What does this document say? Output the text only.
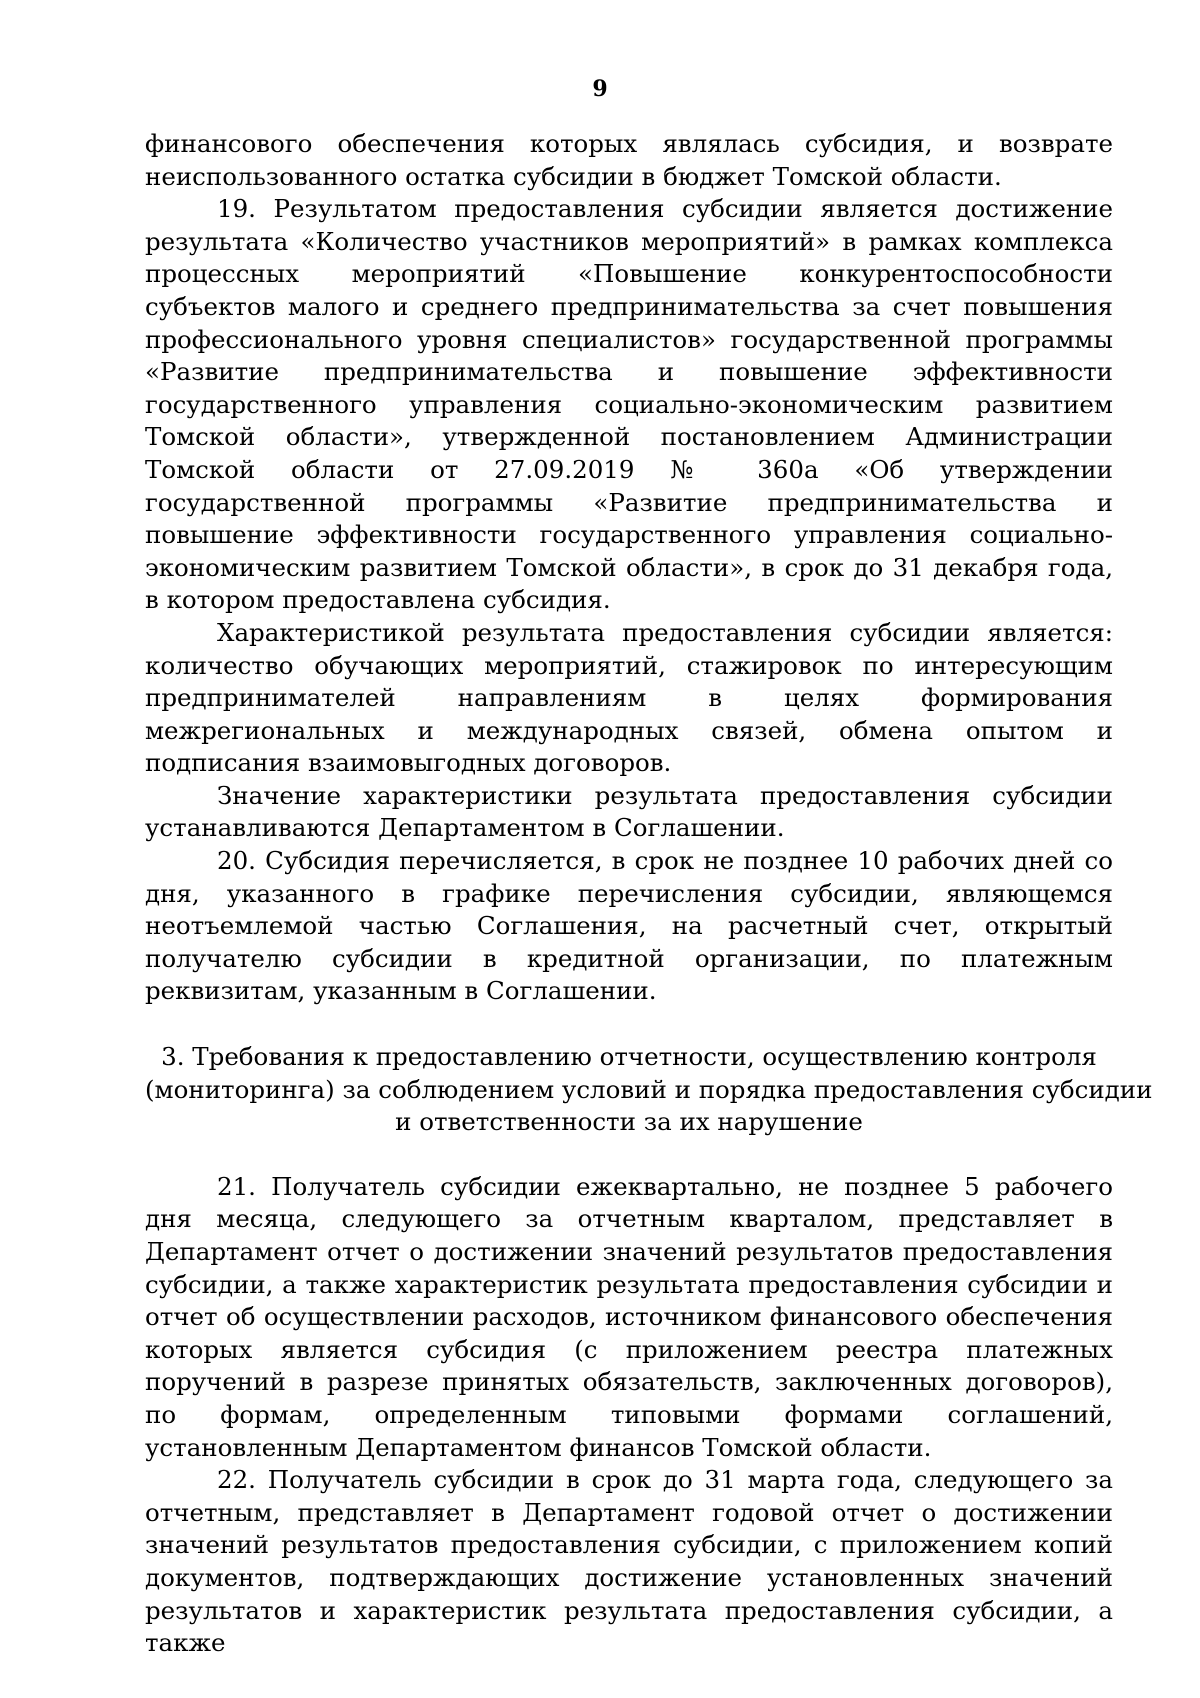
9

финансового обеспечения которых являлась субсидия, и возврате неиспользованного остатка субсидии в бюджет Томской области.

19. Результатом предоставления субсидии является достижение результата «Количество участников мероприятий» в рамках комплекса процессных мероприятий «Повышение конкурентоспособности субъектов малого и среднего предпринимательства за счет повышения профессионального уровня специалистов» государственной программы «Развитие предпринимательства и повышение эффективности государственного управления социально-экономическим развитием Томской области», утвержденной постановлением Администрации Томской области от 27.09.2019 № 360а «Об утверждении государственной программы «Развитие предпринимательства и повышение эффективности государственного управления социально-экономическим развитием Томской области», в срок до 31 декабря года, в котором предоставлена субсидия.

Характеристикой результата предоставления субсидии является: количество обучающих мероприятий, стажировок по интересующим предпринимателей направлениям в целях формирования межрегиональных и международных связей, обмена опытом и подписания взаимовыгодных договоров.

Значение характеристики результата предоставления субсидии устанавливаются Департаментом в Соглашении.

20. Субсидия перечисляется, в срок не позднее 10 рабочих дней со дня, указанного в графике перечисления субсидии, являющемся неотъемлемой частью Соглашения, на расчетный счет, открытый получателю субсидии в кредитной организации, по платежным реквизитам, указанным в Соглашении.

3. Требования к предоставлению отчетности, осуществлению контроля
(мониторинга) за соблюдением условий и порядка предоставления субсидии
и ответственности за их нарушение

21. Получатель субсидии ежеквартально, не позднее 5 рабочего дня месяца, следующего за отчетным кварталом, представляет в Департамент отчет о достижении значений результатов предоставления субсидии, а также характеристик результата предоставления субсидии и отчет об осуществлении расходов, источником финансового обеспечения которых является субсидия (с приложением реестра платежных поручений в разрезе принятых обязательств, заключенных договоров), по формам, определенным типовыми формами соглашений, установленным Департаментом финансов Томской области.

22. Получатель субсидии в срок до 31 марта года, следующего за отчетным, представляет в Департамент годовой отчет о достижении значений результатов предоставления субсидии, с приложением копий документов, подтверждающих достижение установленных значений результатов и характеристик результата предоставления субсидии, а также
